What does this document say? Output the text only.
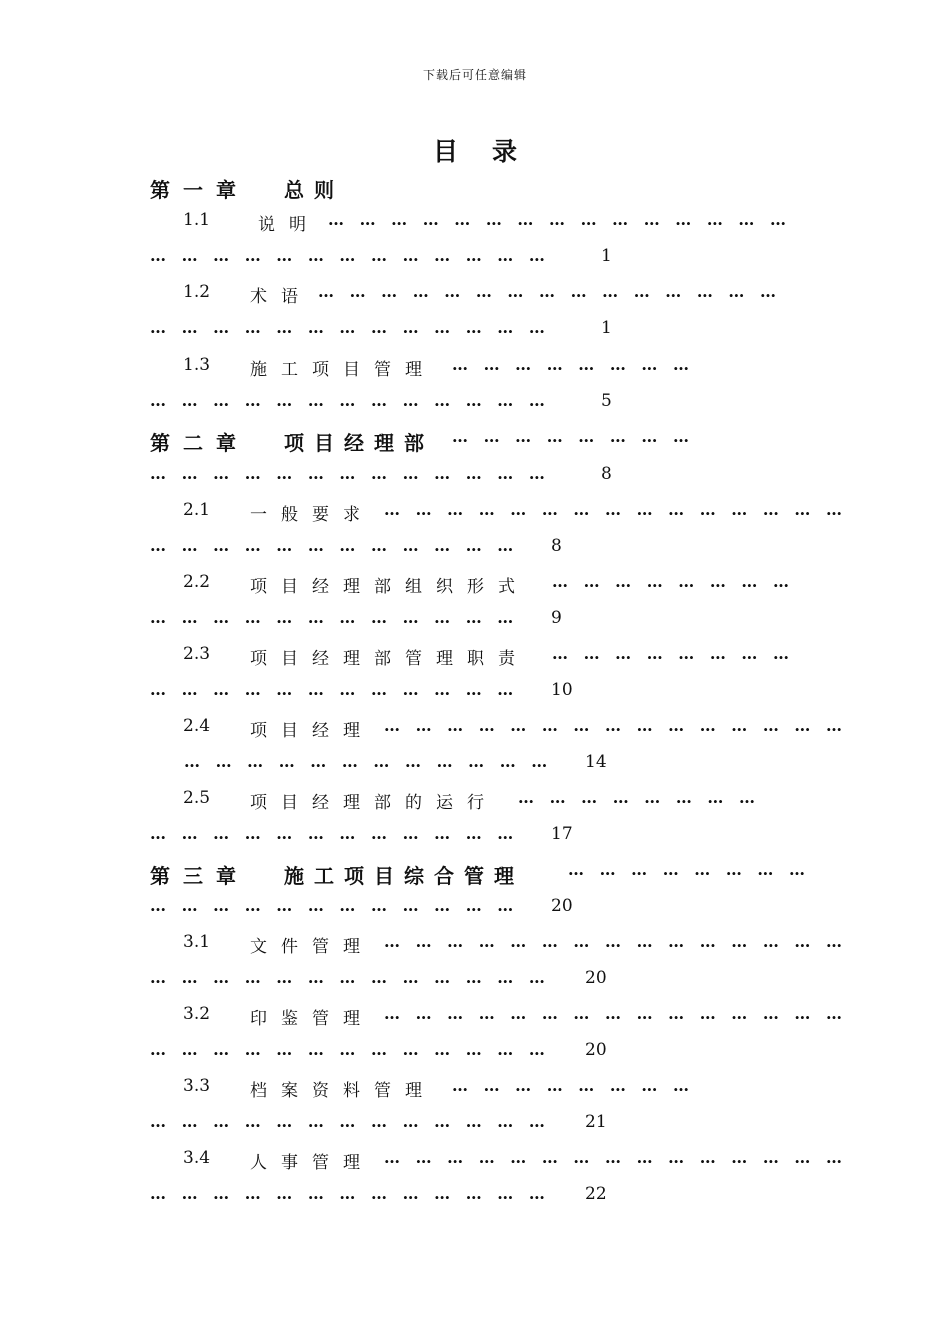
下载后可任意编辑
目录
第一章 总则
1.1	说明 … … … … … … … … … … … … … … …
… … … … … … … … … … … … …	1
1.2 术语 … … … … … … … … … … … … … … …
… … … … … … … … … … … … …	1
1.3 施工项目管理 … … … … … … … …
… … … … … … … … … … … … …	5
第二章 项目经理部 … … … … … … … …
… … … … … … … … … … … … …	8
2.1 一般要求 … … … … … … … … … … … … … … …
… … … … … … … … … … … … 8
2.2 项目经理部组织形式 … … … … … … … …
… … … … … … … … … … … … 9
2.3 项目经理部管理职责 … … … … … … … …
… … … … … … … … … … … … 10
2.4 项目经理 … … … … … … … … … … … … … … …
… … … … … … … … … … … … 14
2.5 项目经理部的运行 … … … … … … … …
… … … … … … … … … … … … 17
第三章 施工项目综合管理	… … … … … … … …
… … … … … … … … … … … … 20
3.1 文件管理 … … … … … … … … … … … … … … …
… … … … … … … … … … … … … 20
3.2 印鉴管理 … … … … … … … … … … … … … … …
… … … … … … … … … … … … … 20
3.3 档案资料管理 … … … … … … … …
… … … … … … … … … … … … … 21
3.4 人事管理 … … … … … … … … … … … … … … …
… … … … … … … … … … … … … 22
